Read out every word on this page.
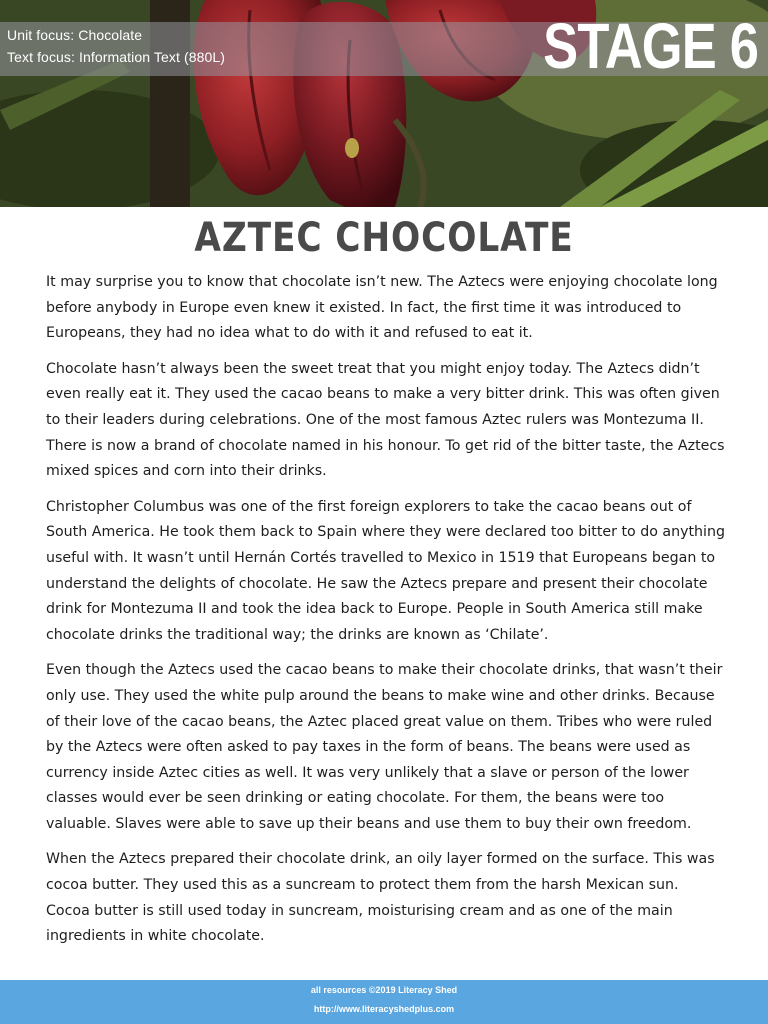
Unit focus: Chocolate
Text focus: Information Text (880L)	STAGE 6
AZTEC CHOCOLATE

It may surprise you to know that chocolate isn’t new. The Aztecs were enjoying chocolate long before anybody in Europe even knew it existed. In fact, the first time it was introduced to Europeans, they had no idea what to do with it and refused to eat it.

Chocolate hasn’t always been the sweet treat that you might enjoy today. The Aztecs didn’t even really eat it. They used the cacao beans to make a very bitter drink. This was often given to their leaders during celebrations. One of the most famous Aztec rulers was Montezuma II. There is now a brand of chocolate named in his honour. To get rid of the bitter taste, the Aztecs mixed spices and corn into their drinks.

Christopher Columbus was one of the first foreign explorers to take the cacao beans out of South America. He took them back to Spain where they were declared too bitter to do anything useful with. It wasn’t until Hernán Cortés travelled to Mexico in 1519 that Europeans began to understand the delights of chocolate. He saw the Aztecs prepare and present their chocolate drink for Montezuma II and took the idea back to Europe. People in South America still make chocolate drinks the traditional way; the drinks are known as ‘Chilate’.

Even though the Aztecs used the cacao beans to make their chocolate drinks, that wasn’t their only use. They used the white pulp around the beans to make wine and other drinks. Because of their love of the cacao beans, the Aztec placed great value on them. Tribes who were ruled by the Aztecs were often asked to pay taxes in the form of beans. The beans were used as currency inside Aztec cities as well. It was very unlikely that a slave or person of the lower classes would ever be seen drinking or eating chocolate. For them, the beans were too valuable. Slaves were able to save up their beans and use them to buy their own freedom.

When the Aztecs prepared their chocolate drink, an oily layer formed on the surface. This was cocoa butter. They used this as a suncream to protect them from the harsh Mexican sun. Cocoa butter is still used today in suncream, moisturising cream and as one of the main ingredients in white chocolate.

all resources ©2019 Literacy Shed
http://www.literacyshedplus.com
